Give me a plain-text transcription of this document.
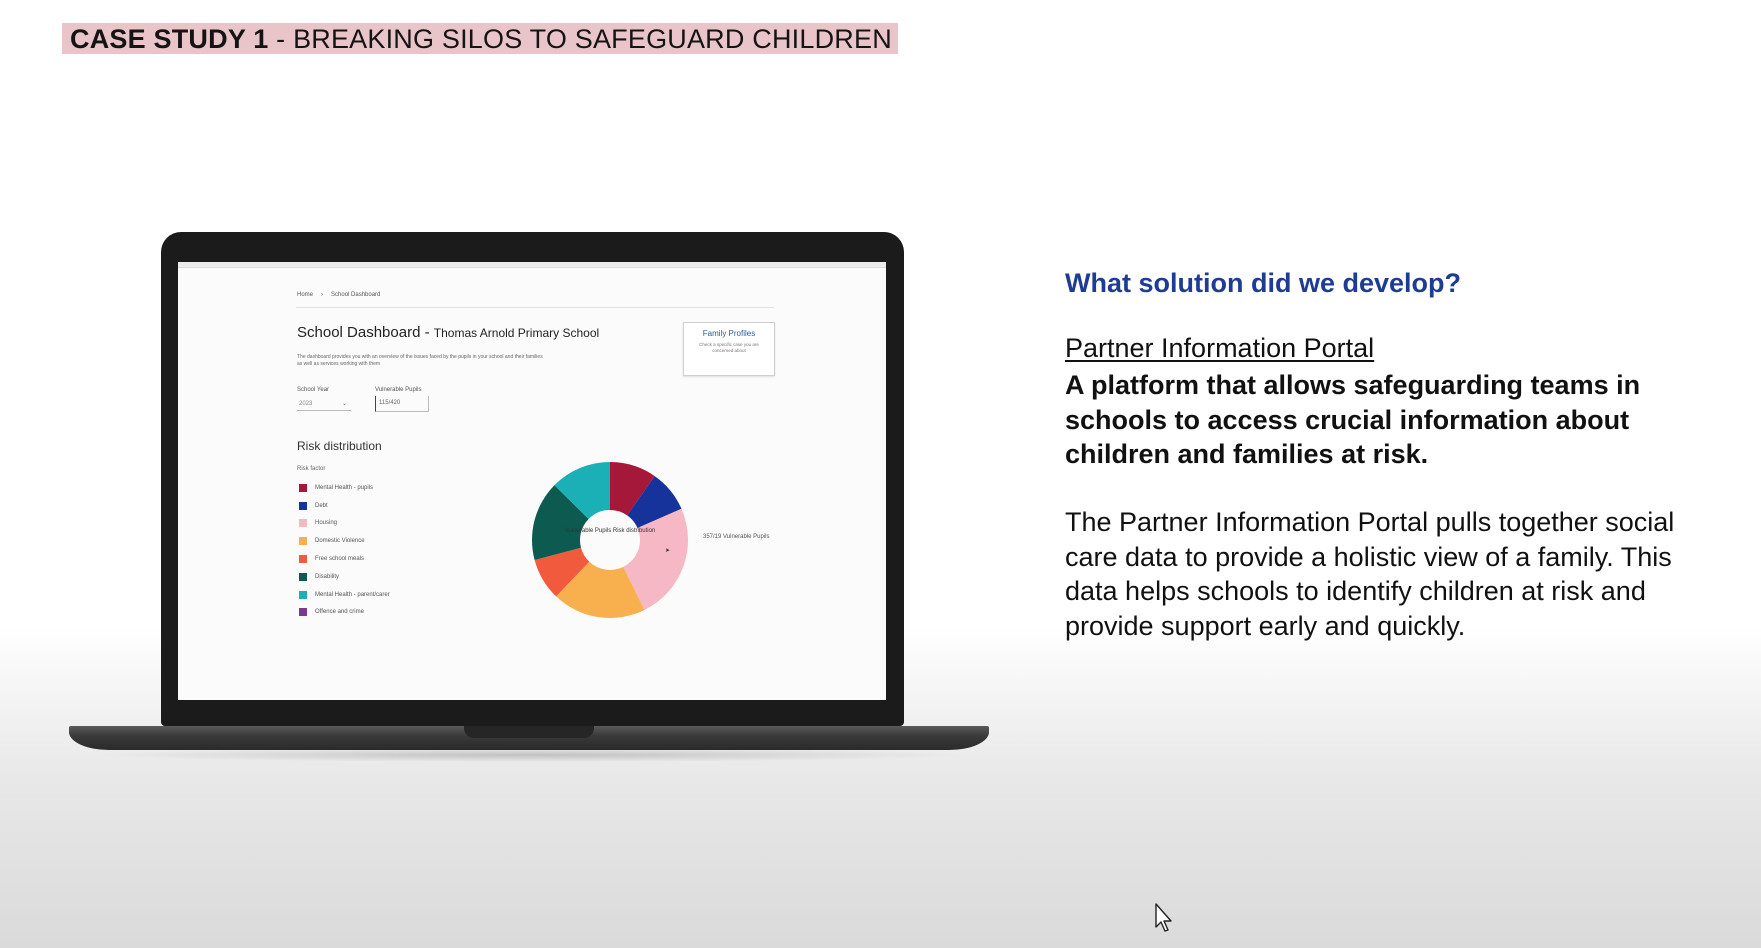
CASE STUDY 1 - BREAKING SILOS TO SAFEGUARD CHILDREN
Home › School Dashboard
School Dashboard - Thomas Arnold Primary School
The dashboard provides you with an overview of the issues faced by the pupils in your school and their families as well as services working with them
Family Profiles
Check a specific case you are concerned about
School Year
2023	⌄
Vulnerable Pupils
115/420
Risk distribution
Risk factor
Mental Health - pupils
Debt
Housing
Domestic Violence
Free school meals
Disability
Mental Health - parent/carer
Offence and crime
Vulnerable Pupils Risk distribution
357/19 Vulnerable Pupils
➤
What solution did we develop?
Partner Information Portal
A platform that allows safeguarding teams in schools to access crucial information about children and families at risk.
The Partner Information Portal pulls together social care data to provide a holistic view of a family. This data helps schools to identify children at risk and provide support early and quickly.
